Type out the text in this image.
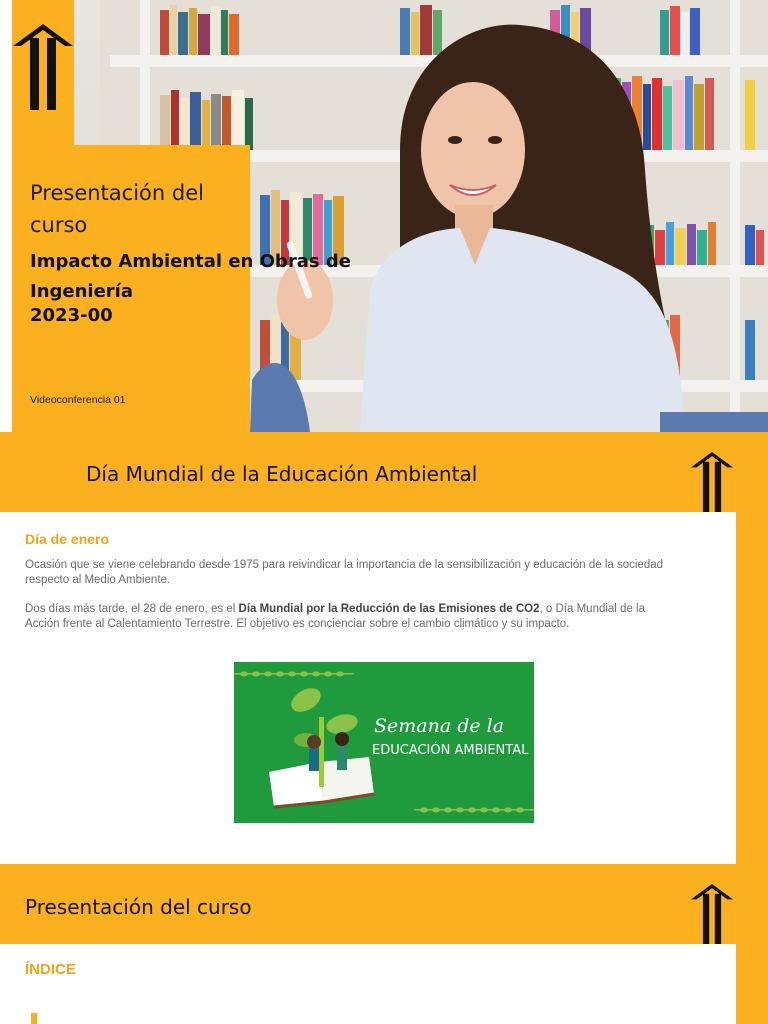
Presentación del curso
Impacto Ambiental en Obras de Ingeniería
2023-00
Videoconferencia 01
Día Mundial de la Educación Ambiental
Día de enero

Ocasión que se viene celebrando desde 1975 para reivindicar la importancia de la sensibilización y educación de la sociedad respecto al Medio Ambiente.

Dos días más tarde, el 28 de enero, es el Día Mundial por la Reducción de las Emisiones de CO2, o Día Mundial de la Acción frente al Calentamiento Terrestre. El objetivo es concienciar sobre el cambio climático y su impacto.

Semana de la
EDUCACIÓN AMBIENTAL
Presentación del curso
ÍNDICE
